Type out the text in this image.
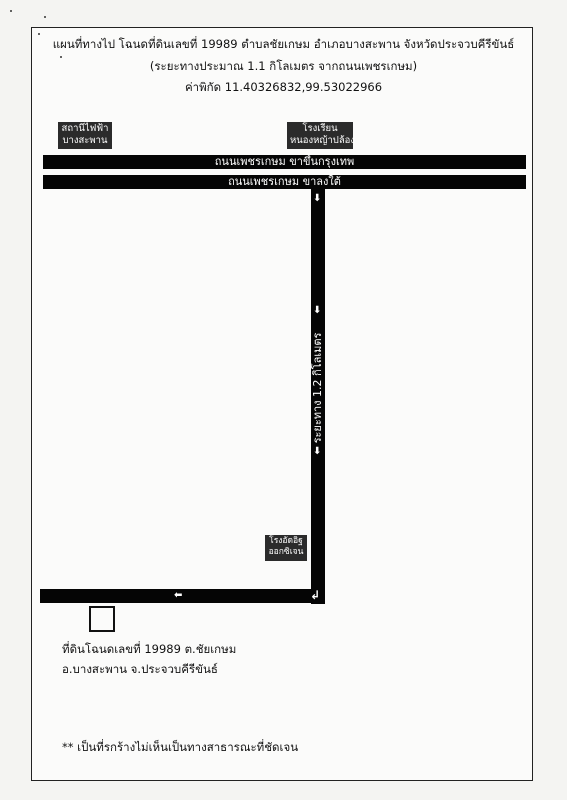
แผนที่ทางไป โฉนดที่ดินเลขที่ 19989 ตำบลชัยเกษม อำเภอบางสะพาน จังหวัดประจวบคีรีขันธ์
(ระยะทางประมาณ 1.1 กิโลเมตร จากถนนเพชรเกษม)
ค่าพิกัด 11.40326832,99.53022966
สถานีไฟฟ้า
บางสะพาน
โรงเรียน
หนองหญ้าปล้อง
ถนนเพชรเกษม ขาขึ้นกรุงเทพ
ถนนเพชรเกษม ขาลงใต้
ระยะทาง 1.2 กิโลเมตร
⬇
⬇
⬇
โรงอัดอิฐ
ออกซิเจน
⬅	↲
ที่ดินโฉนดเลขที่ 19989 ต.ชัยเกษม
อ.บางสะพาน จ.ประจวบคีรีขันธ์
** เป็นที่รกร้างไม่เห็นเป็นทางสาธารณะที่ชัดเจน
